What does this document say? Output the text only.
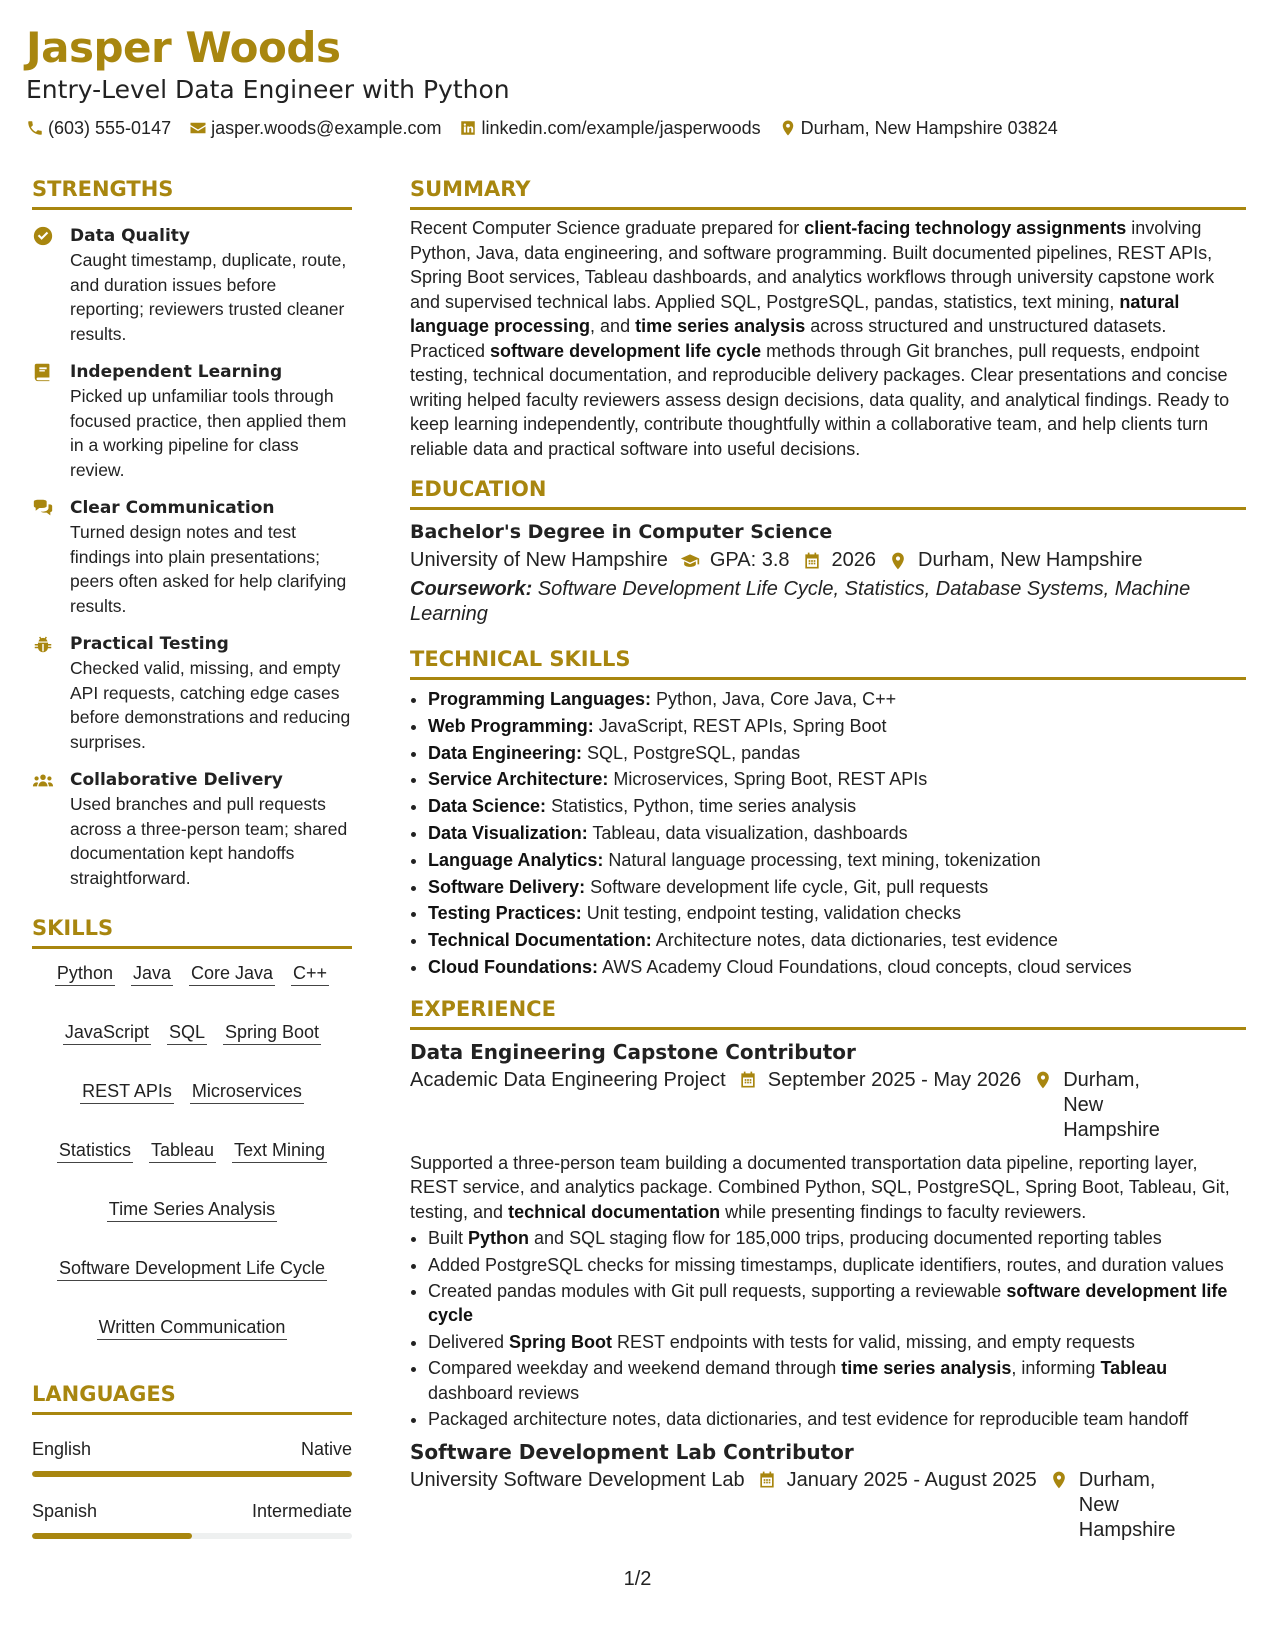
Jasper Woods
Entry-Level Data Engineer with Python
(603) 555-0147 jasper.woods@example.com linkedin.com/example/jasperwoods Durham, New Hampshire 03824
STRENGTHS
Data Quality
Caught timestamp, duplicate, route, and duration issues before reporting; reviewers trusted cleaner results.
Independent Learning
Picked up unfamiliar tools through focused practice, then applied them in a working pipeline for class review.
Clear Communication
Turned design notes and test findings into plain presentations; peers often asked for help clarifying results.
Practical Testing
Checked valid, missing, and empty API requests, catching edge cases before demonstrations and reducing surprises.
Collaborative Delivery
Used branches and pull requests across a three-person team; shared documentation kept handoffs straightforward.
SKILLS
Python Java Core Java C++
JavaScript SQL Spring Boot
REST APIs Microservices
Statistics Tableau Text Mining
Time Series Analysis
Software Development Life Cycle
Written Communication
LANGUAGES
English	Native
Spanish	Intermediate
SUMMARY
Recent Computer Science graduate prepared for client-facing technology assignments involving Python, Java, data engineering, and software programming. Built documented pipelines, REST APIs, Spring Boot services, Tableau dashboards, and analytics workflows through university capstone work and supervised technical labs. Applied SQL, PostgreSQL, pandas, statistics, text mining, natural language processing, and time series analysis across structured and unstructured datasets. Practiced software development life cycle methods through Git branches, pull requests, endpoint testing, technical documentation, and reproducible delivery packages. Clear presentations and concise writing helped faculty reviewers assess design decisions, data quality, and analytical findings. Ready to keep learning independently, contribute thoughtfully within a collaborative team, and help clients turn reliable data and practical software into useful decisions.
EDUCATION
Bachelor's Degree in Computer Science
University of New Hampshire GPA: 3.8 2026 Durham, New Hampshire
Coursework: Software Development Life Cycle, Statistics, Database Systems, Machine Learning
TECHNICAL SKILLS
• Programming Languages: Python, Java, Core Java, C++
• Web Programming: JavaScript, REST APIs, Spring Boot
• Data Engineering: SQL, PostgreSQL, pandas
• Service Architecture: Microservices, Spring Boot, REST APIs
• Data Science: Statistics, Python, time series analysis
• Data Visualization: Tableau, data visualization, dashboards
• Language Analytics: Natural language processing, text mining, tokenization
• Software Delivery: Software development life cycle, Git, pull requests
• Testing Practices: Unit testing, endpoint testing, validation checks
• Technical Documentation: Architecture notes, data dictionaries, test evidence
• Cloud Foundations: AWS Academy Cloud Foundations, cloud concepts, cloud services
EXPERIENCE
Data Engineering Capstone Contributor
Academic Data Engineering Project September 2025 - May 2026 Durham, New Hampshire
Supported a three-person team building a documented transportation data pipeline, reporting layer, REST service, and analytics package. Combined Python, SQL, PostgreSQL, Spring Boot, Tableau, Git, testing, and technical documentation while presenting findings to faculty reviewers.
• Built Python and SQL staging flow for 185,000 trips, producing documented reporting tables
• Added PostgreSQL checks for missing timestamps, duplicate identifiers, routes, and duration values
• Created pandas modules with Git pull requests, supporting a reviewable software development life cycle
• Delivered Spring Boot REST endpoints with tests for valid, missing, and empty requests
• Compared weekday and weekend demand through time series analysis, informing Tableau dashboard reviews
• Packaged architecture notes, data dictionaries, and test evidence for reproducible team handoff
Software Development Lab Contributor
University Software Development Lab January 2025 - August 2025 Durham, New Hampshire
1/2
